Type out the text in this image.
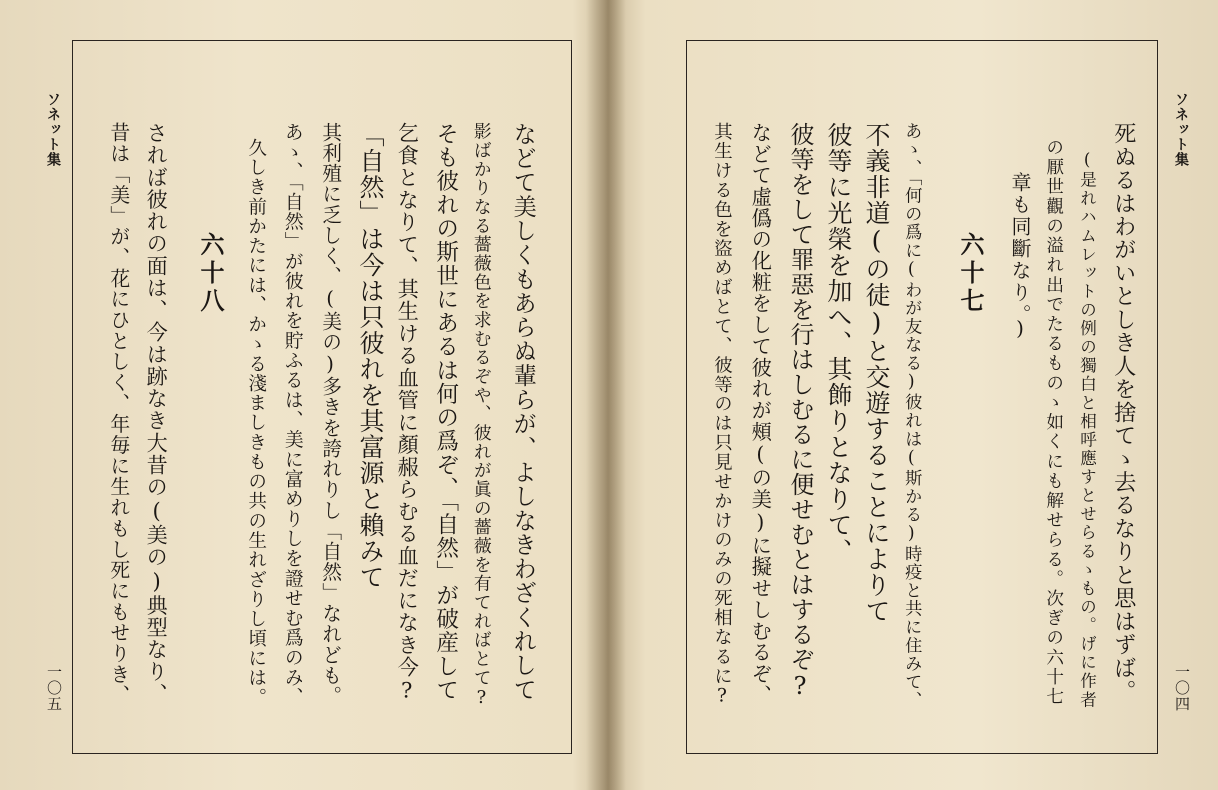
ソネット集
一〇五	などて美しくもあらぬ輩らが、よしなきわざくれして
影ばかりなる薔薇色を求むるぞや、彼れが眞の薔薇を有てればとて?
そも彼れの斯世にあるは何の爲ぞ、「自然」が破産して
乞食となりて、其生ける血管に顏赧らむる血だになき今?
「自然」は今は只彼れを其富源と賴みて
其利殖に乏しく、(美の)多きを誇れりし「自然」なれども。
あゝ、「自然」が彼れを貯ふるは、美に富めりしを證せむ爲のみ、
久しき前かたには、かゝる淺ましきもの共の生れざりし頃には。
六十八
されば彼れの面は、今は跡なき大昔の(美の)典型なり、
昔は「美」が、花にひとしく、年毎に生れもし死にもせりき、	ソネット集
一〇四
死ぬるはわがいとしき人を捨てゝ去るなりと思はずば。
(是れハムレットの例の獨白と相呼應すとせらるゝもの。げに作者
の厭世觀の溢れ出でたるものゝ如くにも解せらる。次ぎの六十七
章も同斷なり。)
六十七
あゝ、「何の爲に(わが友なる)彼れは(斯かる)時疫と共に住みて、
不義非道(の徒)と交遊することによりて
彼等に光榮を加へ、其飾りとなりて、
彼等をして罪惡を行はしむるに便せむとはするぞ?
などて虛僞の化粧をして彼れが頰(の美)に擬せしむるぞ、
其生ける色を盜めばとて、彼等のは只見せかけのみの死相なるに?
